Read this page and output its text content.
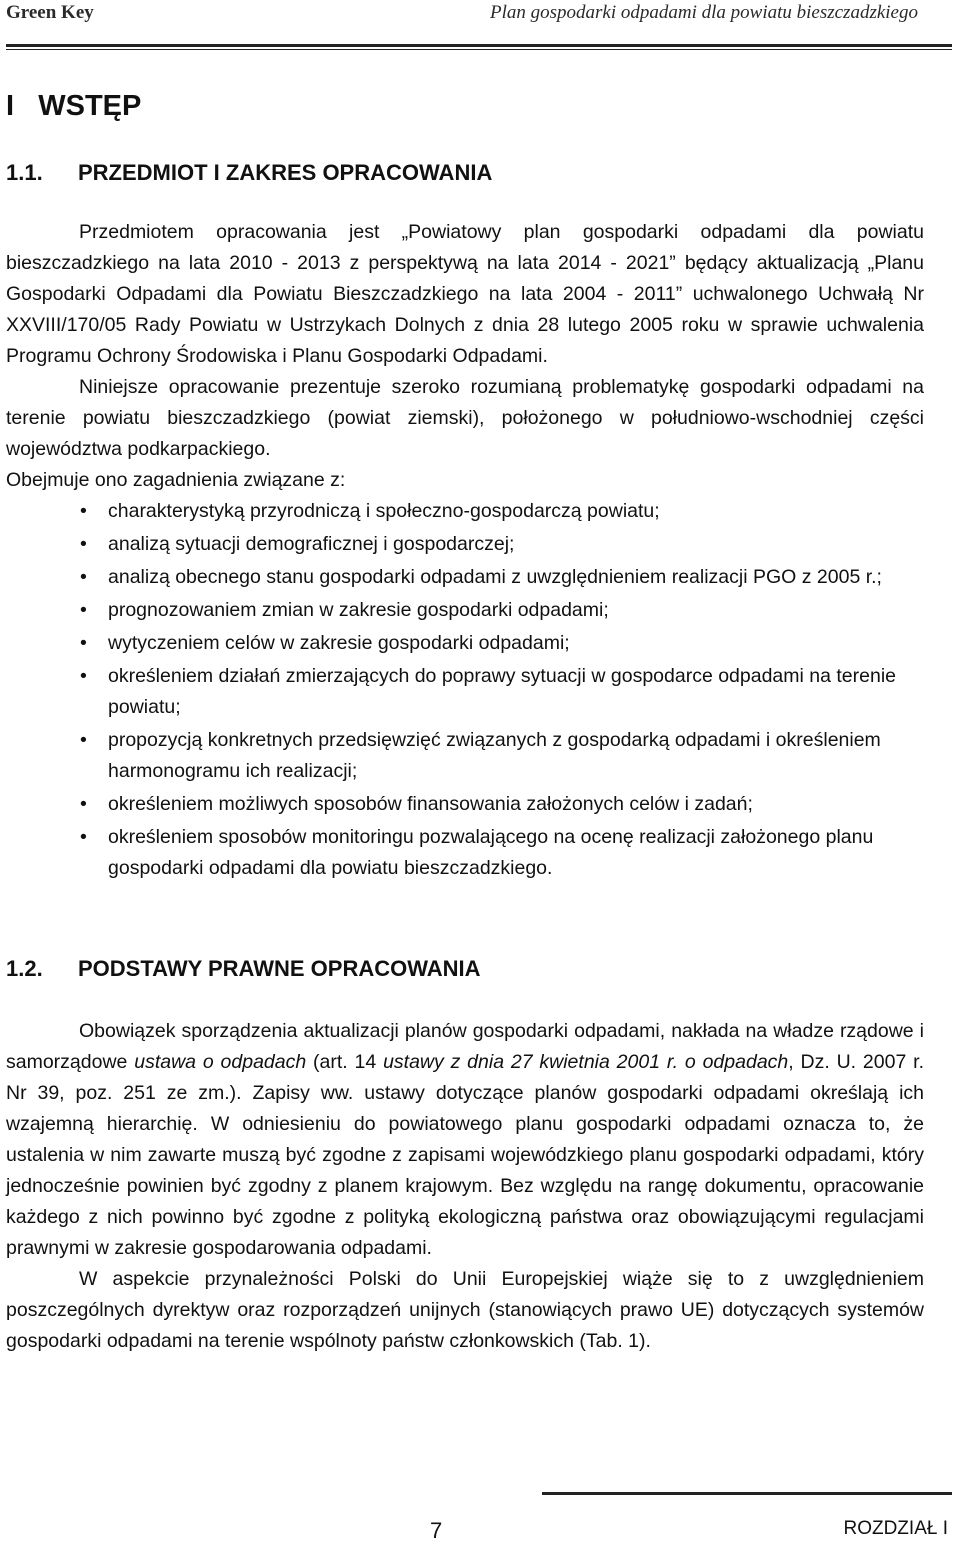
Green Key	Plan gospodarki odpadami dla powiatu bieszczadzkiego
I   WSTĘP
1.1.	PRZEDMIOT I ZAKRES OPRACOWANIA

Przedmiotem opracowania jest „Powiatowy plan gospodarki odpadami dla powiatu bieszczadzkiego na lata 2010 - 2013 z perspektywą na lata 2014 - 2021” będący aktualizacją „Planu Gospodarki Odpadami dla Powiatu Bieszczadzkiego na lata 2004 - 2011” uchwalonego Uchwałą Nr XXVIII/170/05 Rady Powiatu w Ustrzykach Dolnych z dnia 28 lutego 2005 roku w sprawie uchwalenia Programu Ochrony Środowiska i Planu Gospodarki Odpadami.

Niniejsze opracowanie prezentuje szeroko rozumianą problematykę gospodarki odpadami na terenie powiatu bieszczadzkiego (powiat ziemski), położonego w południowo-wschodniej części województwa podkarpackiego.

Obejmuje ono zagadnienia związane z:

• charakterystyką przyrodniczą i społeczno-gospodarczą powiatu;
• analizą sytuacji demograficznej i gospodarczej;
• analizą obecnego stanu gospodarki odpadami z uwzględnieniem realizacji PGO z 2005 r.;
• prognozowaniem zmian w zakresie gospodarki odpadami;
• wytyczeniem celów w zakresie gospodarki odpadami;
• określeniem działań zmierzających do poprawy sytuacji w gospodarce odpadami na terenie powiatu;
• propozycją konkretnych przedsięwzięć związanych z gospodarką odpadami i określeniem harmonogramu ich realizacji;
• określeniem możliwych sposobów finansowania założonych celów i zadań;
• określeniem sposobów monitoringu pozwalającego na ocenę realizacji założonego planu gospodarki odpadami dla powiatu bieszczadzkiego.
1.2.	PODSTAWY PRAWNE OPRACOWANIA

Obowiązek sporządzenia aktualizacji planów gospodarki odpadami, nakłada na władze rządowe i samorządowe ustawa o odpadach (art. 14 ustawy z dnia 27 kwietnia 2001 r. o odpadach, Dz. U. 2007 r. Nr 39, poz. 251 ze zm.). Zapisy ww. ustawy dotyczące planów gospodarki odpadami określają ich wzajemną hierarchię. W odniesieniu do powiatowego planu gospodarki odpadami oznacza to, że ustalenia w nim zawarte muszą być zgodne z zapisami wojewódzkiego planu gospodarki odpadami, który jednocześnie powinien być zgodny z planem krajowym. Bez względu na rangę dokumentu, opracowanie każdego z nich powinno być zgodne z polityką ekologiczną państwa oraz obowiązującymi regulacjami prawnymi w zakresie gospodarowania odpadami.

W aspekcie przynależności Polski do Unii Europejskiej wiąże się to z uwzględnieniem poszczególnych dyrektyw oraz rozporządzeń unijnych (stanowiących prawo UE) dotyczących systemów gospodarki odpadami na terenie wspólnoty państw członkowskich (Tab. 1).

7	ROZDZIAŁ I
